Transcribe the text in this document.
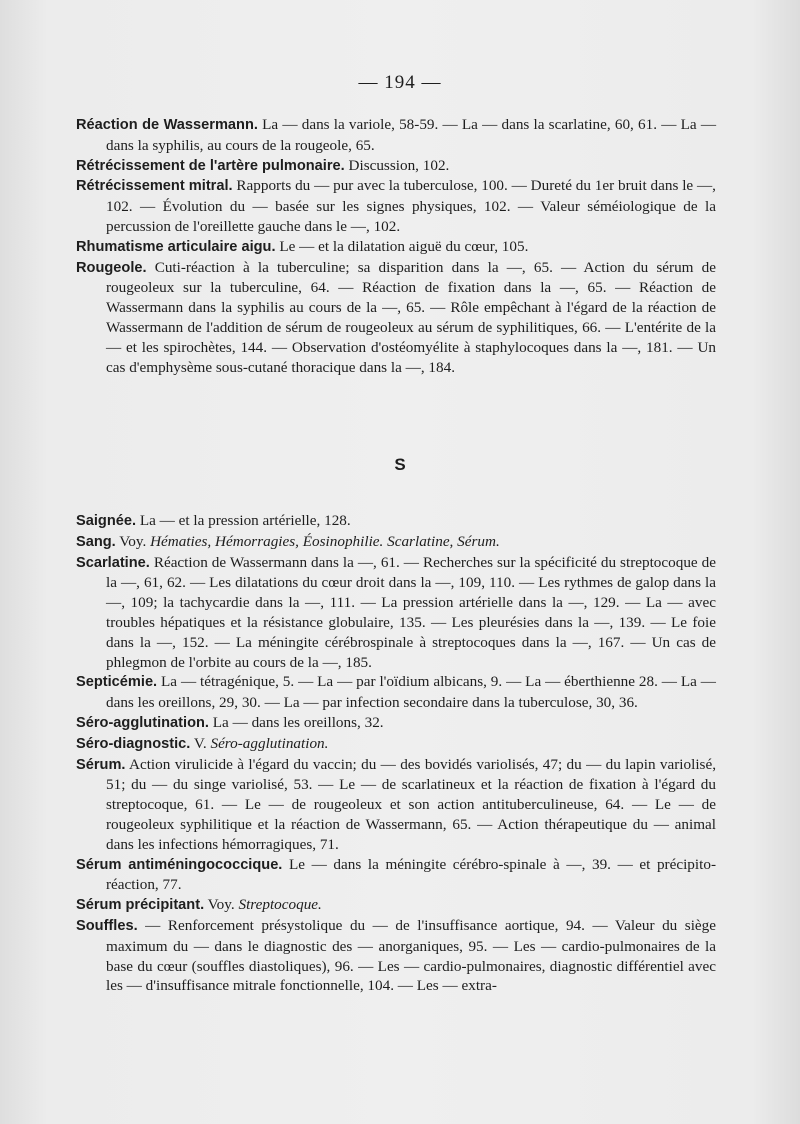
— 194 —

Réaction de Wassermann. La — dans la variole, 58-59. — La — dans la scarlatine, 60, 61. — La — dans la syphilis, au cours de la rougeole, 65.

Rétrécissement de l'artère pulmonaire. Discussion, 102.

Rétrécissement mitral. Rapports du — pur avec la tuberculose, 100. — Dureté du 1er bruit dans le —, 102. — Évolution du — basée sur les signes physiques, 102. — Valeur séméiologique de la percussion de l'oreillette gauche dans le —, 102.

Rhumatisme articulaire aigu. Le — et la dilatation aiguë du cœur, 105.

Rougeole. Cuti-réaction à la tuberculine; sa disparition dans la —, 65. — Action du sérum de rougeoleux sur la tuberculine, 64. — Réaction de fixation dans la —, 65. — Réaction de Wassermann dans la syphilis au cours de la —, 65. — Rôle empêchant à l'égard de la réaction de Wassermann de l'addition de sérum de rougeoleux au sérum de syphilitiques, 66. — L'entérite de la — et les spirochètes, 144. — Observation d'ostéomyélite à staphylocoques dans la —, 181. — Un cas d'emphysème sous-cutané thoracique dans la —, 184.

S

Saignée. La — et la pression artérielle, 128.

Sang. Voy. Hématies, Hémorragies, Éosinophilie. Scarlatine, Sérum.

Scarlatine. Réaction de Wassermann dans la —, 61. — Recherches sur la spécificité du streptocoque de la —, 61, 62. — Les dilatations du cœur droit dans la —, 109, 110. — Les rythmes de galop dans la —, 109; la tachycardie dans la —, 111. — La pression artérielle dans la —, 129. — La — avec troubles hépatiques et la résistance globulaire, 135. — Les pleurésies dans la —, 139. — Le foie dans la —, 152. — La méningite cérébrospinale à streptocoques dans la —, 167. — Un cas de phlegmon de l'orbite au cours de la —, 185.

Septicémie. La — tétragénique, 5. — La — par l'oïdium albicans, 9. — La — éberthienne 28. — La — dans les oreillons, 29, 30. — La — par infection secondaire dans la tuberculose, 30, 36.

Séro-agglutination. La — dans les oreillons, 32.

Séro-diagnostic. V. Séro-agglutination.

Sérum. Action virulicide à l'égard du vaccin; du — des bovidés variolisés, 47; du — du lapin variolisé, 51; du — du singe variolisé, 53. — Le — de scarlatineux et la réaction de fixation à l'égard du streptocoque, 61. — Le — de rougeoleux et son action antituberculineuse, 64. — Le — de rougeoleux syphilitique et la réaction de Wassermann, 65. — Action thérapeutique du — animal dans les infections hémorragiques, 71.

Sérum antiméningococcique. Le — dans la méningite cérébro-spinale à —, 39. — et précipito-réaction, 77.

Sérum précipitant. Voy. Streptocoque.

Souffles. — Renforcement présystolique du — de l'insuffisance aortique, 94. — Valeur du siège maximum du — dans le diagnostic des — anorganiques, 95. — Les — cardio-pulmonaires de la base du cœur (souffles diastoliques), 96. — Les — cardio-pulmonaires, diagnostic différentiel avec les — d'insuffisance mitrale fonctionnelle, 104. — Les — extra-
